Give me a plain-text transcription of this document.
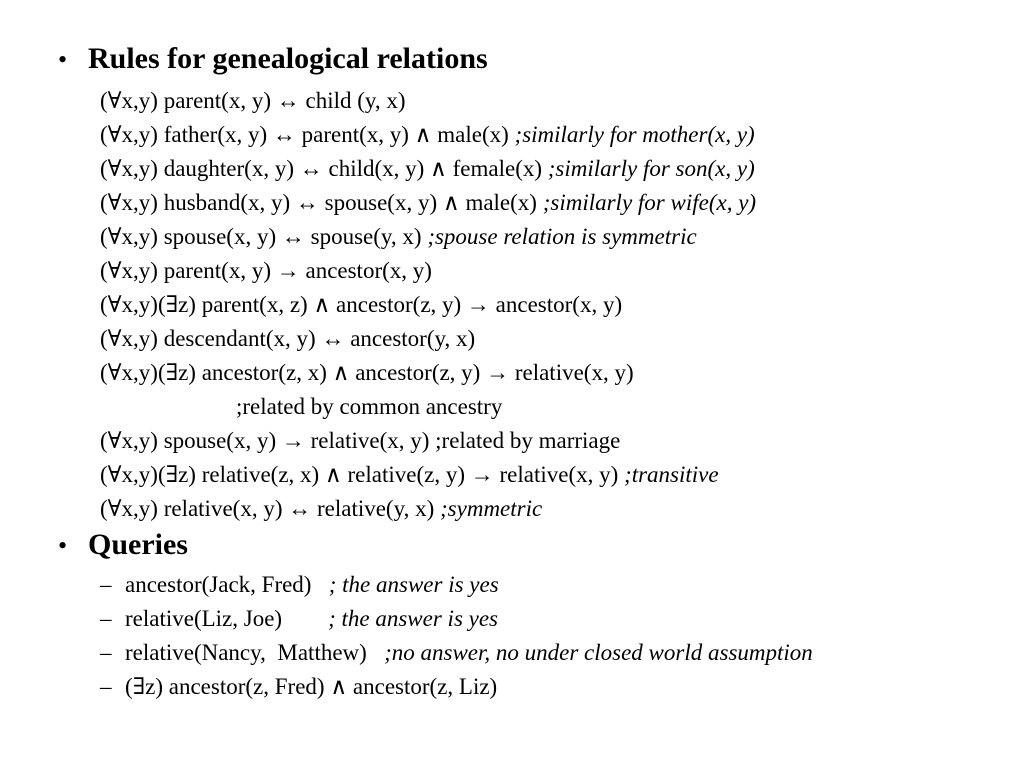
• Rules for genealogical relations
(∀x,y) parent(x, y) ↔ child (y, x)
(∀x,y) father(x, y) ↔ parent(x, y) ∧ male(x) ;similarly for mother(x, y)
(∀x,y) daughter(x, y) ↔ child(x, y) ∧ female(x) ;similarly for son(x, y)
(∀x,y) husband(x, y) ↔ spouse(x, y) ∧ male(x) ;similarly for wife(x, y)
(∀x,y) spouse(x, y) ↔ spouse(y, x) ;spouse relation is symmetric
(∀x,y) parent(x, y) → ancestor(x, y)
(∀x,y)(∃z) parent(x, z) ∧ ancestor(z, y) → ancestor(x, y)
(∀x,y) descendant(x, y) ↔ ancestor(y, x)
(∀x,y)(∃z) ancestor(z, x) ∧ ancestor(z, y) → relative(x, y)
;related by common ancestry
(∀x,y) spouse(x, y) → relative(x, y) ;related by marriage
(∀x,y)(∃z) relative(z, x) ∧ relative(z, y) → relative(x, y) ;transitive
(∀x,y) relative(x, y) ↔ relative(y, x) ;symmetric
• Queries
– ancestor(Jack, Fred) ; the answer is yes
– relative(Liz, Joe) ; the answer is yes
– relative(Nancy,  Matthew) ;no answer, no under closed world assumption
– (∃z) ancestor(z, Fred) ∧ ancestor(z, Liz)
